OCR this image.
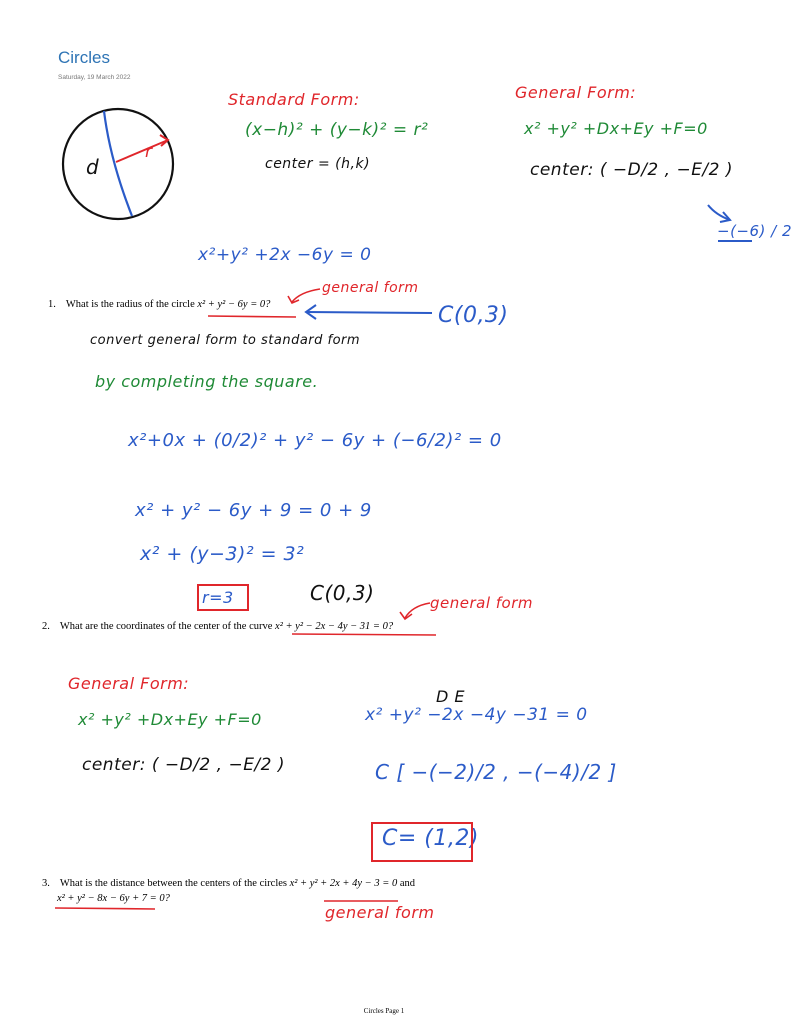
Circles
Saturday, 19 March 2022
1. What is the radius of the circle x² + y² − 6y = 0?
2. What are the coordinates of the center of the curve x² + y² − 2x − 4y − 31 = 0?
3. What is the distance between the centers of the circles x² + y² + 2x + 4y − 3 = 0 and
x² + y² − 8x − 6y + 7 = 0?
Circles Page 1
d
r
Standard Form:
(x−h)² + (y−k)² = r²
center = (h,k)
General Form:
x² +y² +Dx+Ey +F=0
center: ( −D/2 , −E/2 )
−(−6) / 2
x²+y² +2x −6y = 0
general form
C(0,3)
convert general form to standard form
by completing the square.
x²+0x + (0/2)² + y² − 6y + (−6/2)² = 0
x² + y² − 6y + 9 = 0 + 9
x² + (y−3)² = 3²
r=3	C(0,3)	general form
General Form:
x² +y² +Dx+Ey +F=0
center: ( −D/2 , −E/2 )
D E
x² +y² −2x −4y −31 = 0
C [ −(−2)/2 , −(−4)/2 ]
C= (1,2)
general form
